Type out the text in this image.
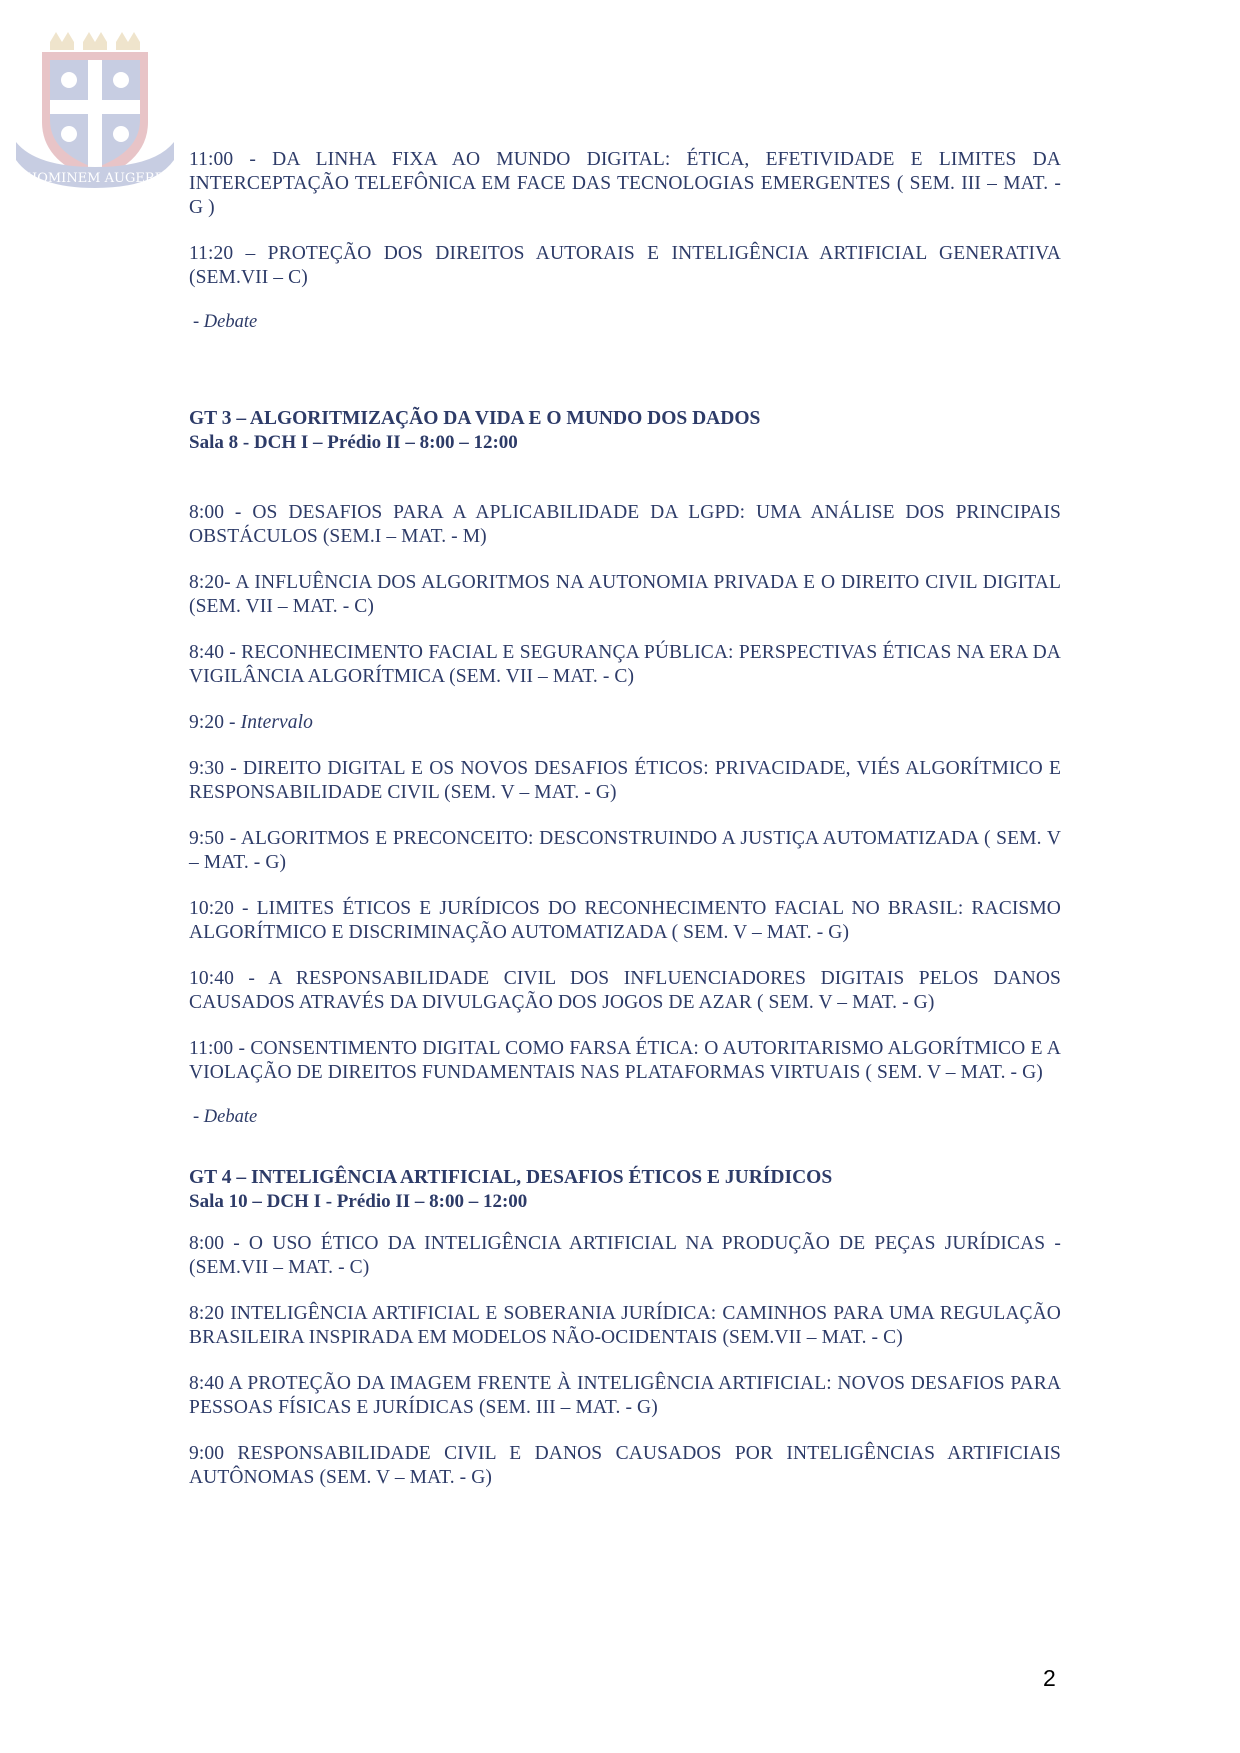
HOMINEM AUGERE

11:00 - DA LINHA FIXA AO MUNDO DIGITAL: ÉTICA, EFETIVIDADE E LIMITES DA INTERCEPTAÇÃO TELEFÔNICA EM FACE DAS TECNOLOGIAS EMERGENTES ( SEM. III – MAT. - G )

11:20 – PROTEÇÃO DOS DIREITOS AUTORAIS E INTELIGÊNCIA ARTIFICIAL GENERATIVA (SEM.VII – C)

- Debate

GT 3 – ALGORITMIZAÇÃO DA VIDA E O MUNDO DOS DADOS

Sala 8 - DCH I – Prédio II – 8:00 – 12:00

8:00 - OS DESAFIOS PARA A APLICABILIDADE DA LGPD: UMA ANÁLISE DOS PRINCIPAIS OBSTÁCULOS (SEM.I – MAT. - M)

8:20- A INFLUÊNCIA DOS ALGORITMOS NA AUTONOMIA PRIVADA E O DIREITO CIVIL DIGITAL (SEM. VII – MAT. - C)

8:40 - RECONHECIMENTO FACIAL E SEGURANÇA PÚBLICA: PERSPECTIVAS ÉTICAS NA ERA DA VIGILÂNCIA ALGORÍTMICA (SEM. VII – MAT. - C)

9:20 - Intervalo

9:30 - DIREITO DIGITAL E OS NOVOS DESAFIOS ÉTICOS: PRIVACIDADE, VIÉS ALGORÍTMICO E RESPONSABILIDADE CIVIL (SEM. V – MAT. - G)

9:50 - ALGORITMOS E PRECONCEITO: DESCONSTRUINDO A JUSTIÇA AUTOMATIZADA ( SEM. V – MAT. - G)

10:20 - LIMITES ÉTICOS E JURÍDICOS DO RECONHECIMENTO FACIAL NO BRASIL: RACISMO ALGORÍTMICO E DISCRIMINAÇÃO AUTOMATIZADA ( SEM. V – MAT. - G)

10:40 - A RESPONSABILIDADE CIVIL DOS INFLUENCIADORES DIGITAIS PELOS DANOS CAUSADOS ATRAVÉS DA DIVULGAÇÃO DOS JOGOS DE AZAR ( SEM. V – MAT. - G)

11:00 - CONSENTIMENTO DIGITAL COMO FARSA ÉTICA: O AUTORITARISMO ALGORÍTMICO E A VIOLAÇÃO DE DIREITOS FUNDAMENTAIS NAS PLATAFORMAS VIRTUAIS ( SEM. V – MAT. - G)

- Debate

GT 4 – INTELIGÊNCIA ARTIFICIAL, DESAFIOS ÉTICOS E JURÍDICOS

Sala 10 – DCH I - Prédio II – 8:00 – 12:00

8:00 - O USO ÉTICO DA INTELIGÊNCIA ARTIFICIAL NA PRODUÇÃO DE PEÇAS JURÍDICAS - (SEM.VII – MAT. - C)

8:20 INTELIGÊNCIA ARTIFICIAL E SOBERANIA JURÍDICA: CAMINHOS PARA UMA REGULAÇÃO BRASILEIRA INSPIRADA EM MODELOS NÃO-OCIDENTAIS (SEM.VII – MAT. - C)

8:40 A PROTEÇÃO DA IMAGEM FRENTE À INTELIGÊNCIA ARTIFICIAL: NOVOS DESAFIOS PARA PESSOAS FÍSICAS E JURÍDICAS (SEM. III – MAT. - G)

9:00 RESPONSABILIDADE CIVIL E DANOS CAUSADOS POR INTELIGÊNCIAS ARTIFICIAIS AUTÔNOMAS (SEM. V – MAT. - G)

2
